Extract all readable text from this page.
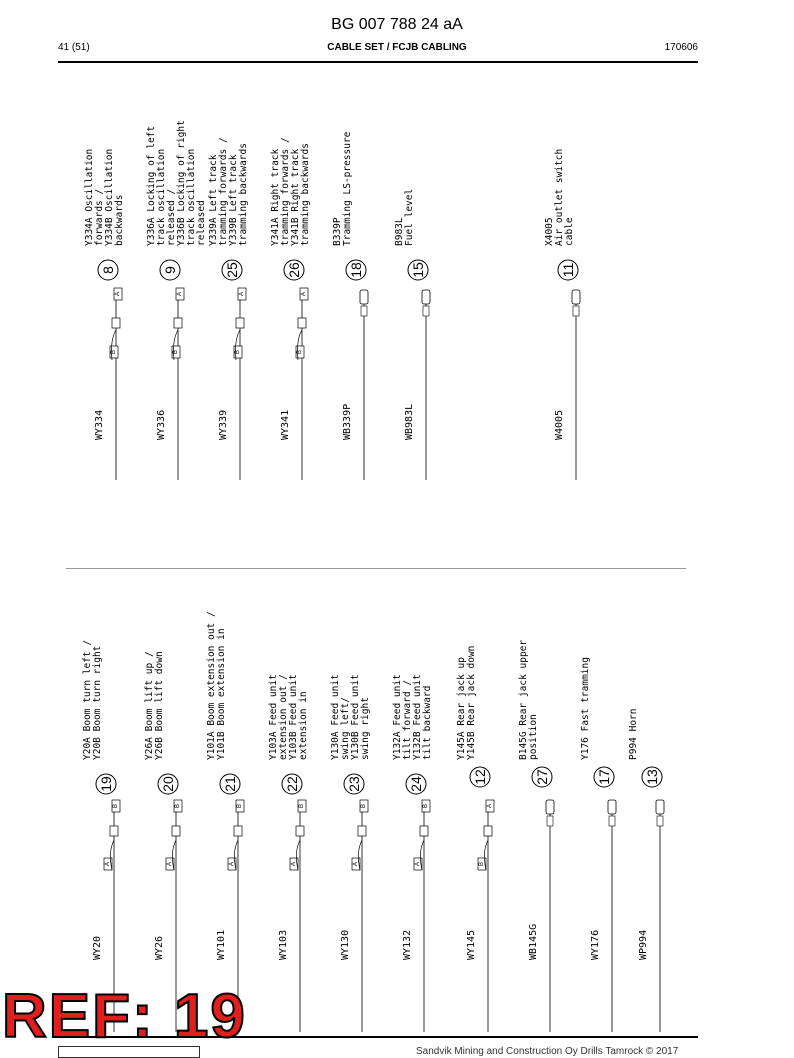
BG 007 788 24 aA
41 (51)	CABLE SET / FCJB CABLING	170606
8
A
B
WY334
Y334A Oscillation forwards / Y334B Oscillation backwards
9
A
B
WY336
Y336A Locking of left track oscillation released / Y336B Locking of right track oscillation released
25
A
B
WY339
Y339A Left track tramming forwards / Y339B Left track tramming backwards
26
A
B
WY341
Y341A Right track tramming forwards / Y341B Right track tramming backwards
18
WB339P
B339P Tramming LS-pressure
15
WB983L
B983L Fuel level
11
W4005
X4005 Air outlet switch cable
19
B
A
WY20
Y20A Boom turn left / Y20B Boom turn right
20
B
A
WY26
Y26A Boom lift up / Y26B Boom lift down
21
B
A
WY101
Y101A Boom extension out / Y101B Boom extension in
22
B
A
WY103
Y103A Feed unit extension out / Y103B Feed unit extension in
23
B
A
WY130
Y130A Feed unit swing left/ Y130B Feed unit swing right
24
B
A
WY132
Y132A Feed unit tilt forward / Y132B Feed unit tilt backward
12
A
B
WY145
Y145A Rear jack up Y145B Rear jack down
27
WB145G
B145G Rear jack upper position
17
WY176
Y176 Fast tramming
13
WP994
P994 Horn
Sandvik Mining and Construction Oy Drills Tamrock © 2017
REF: 19
